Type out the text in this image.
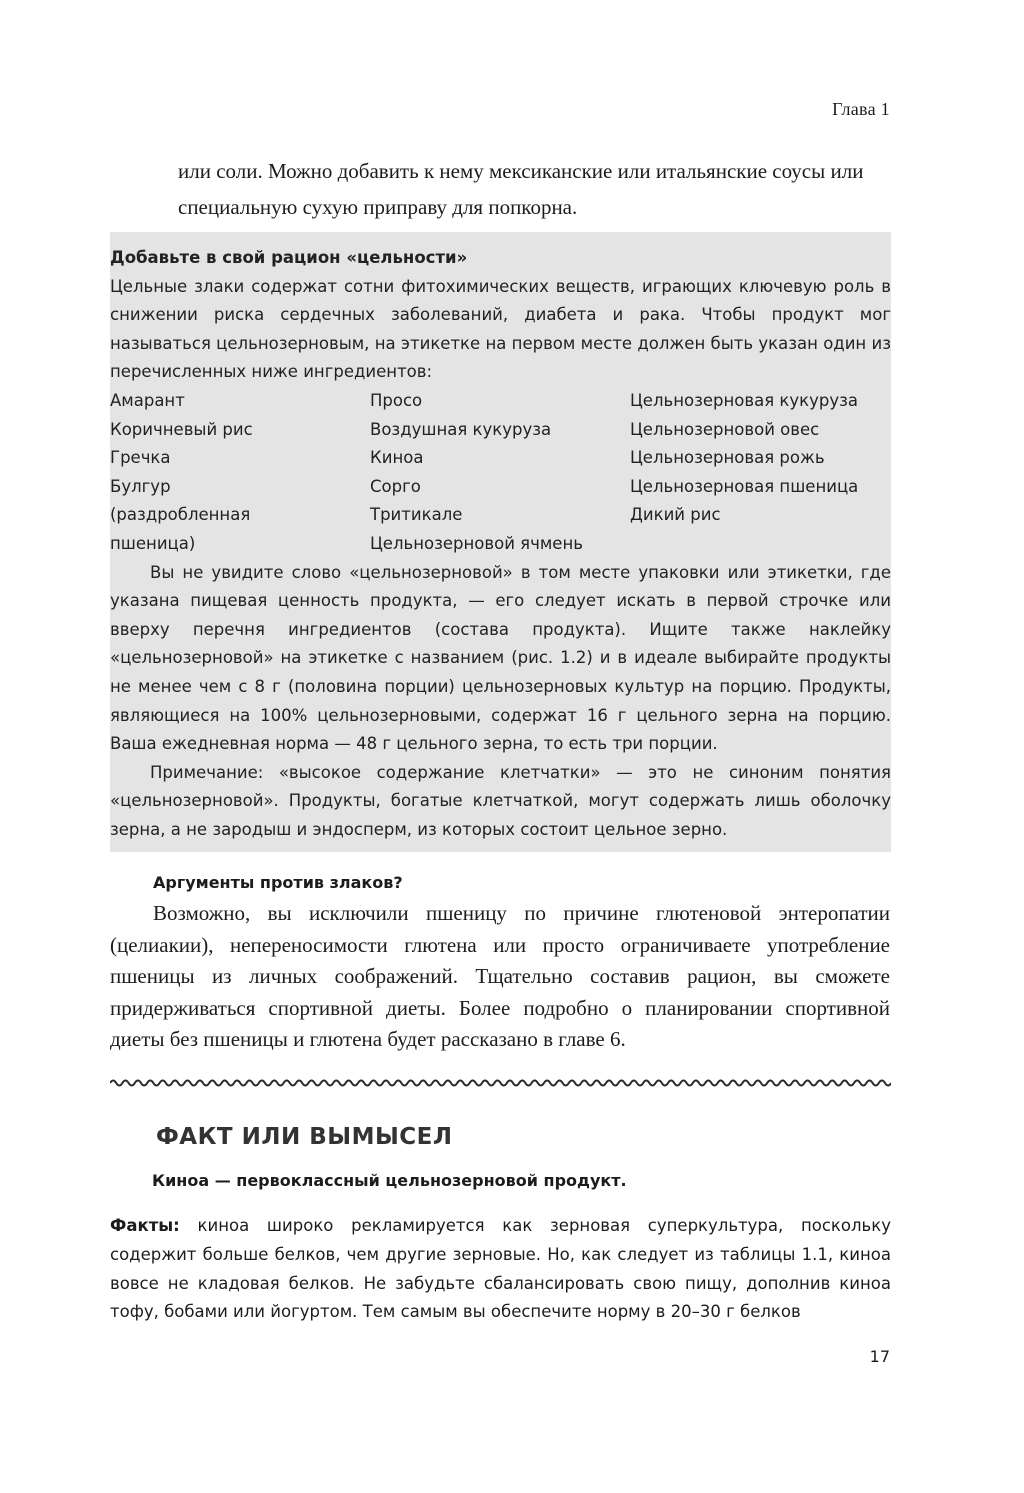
Глава 1

или соли. Можно добавить к нему мексиканские или итальянские соусы или специальную сухую приправу для попкорна.

Добавьте в свой рацион «цельности»

Цельные злаки содержат сотни фитохимических веществ, играющих ключевую роль в снижении риска сердечных заболеваний, диабета и рака. Чтобы продукт мог называться цельнозерновым, на этикетке на первом месте должен быть указан один из перечисленных ниже ингредиентов:

Амарант
Коричневый рис
Гречка
Булгур
(раздробленная
пшеница)
Просо
Воздушная кукуруза
Киноа
Сорго
Тритикале
Цельнозерновой ячмень
Цельнозерновая кукуруза
Цельнозерновой овес
Цельнозерновая рожь
Цельнозерновая пшеница
Дикий рис

Вы не увидите слово «цельнозерновой» в том месте упаковки или этикетки, где указана пищевая ценность продукта, — его следует искать в первой строчке или вверху перечня ингредиентов (состава продукта). Ищите также наклейку «цельнозерновой» на этикетке с названием (рис. 1.2) и в идеале выбирайте продукты не менее чем с 8 г (половина порции) цельнозерновых культур на порцию. Продукты, являющиеся на 100% цельнозерновыми, содержат 16 г цельного зерна на порцию. Ваша ежедневная норма — 48 г цельного зерна, то есть три порции.

Примечание: «высокое содержание клетчатки» — это не синоним понятия «цельнозерновой». Продукты, богатые клетчаткой, могут содержать лишь оболочку зерна, а не зародыш и эндосперм, из которых состоит цельное зерно.

Аргументы против злаков?

Возможно, вы исключили пшеницу по причине глютеновой энтеропатии (целиакии), непереносимости глютена или просто ограничиваете употребление пшеницы из личных соображений. Тщательно составив рацион, вы сможете придерживаться спортивной диеты. Более подробно о планировании спортивной диеты без пшеницы и глютена будет рассказано в главе 6.

ФАКТ ИЛИ ВЫМЫСЕЛ

Киноа — первоклассный цельнозерновой продукт.

Факты: киноа широко рекламируется как зерновая суперкультура, поскольку содержит больше белков, чем другие зерновые. Но, как следует из таблицы 1.1, киноа вовсе не кладовая белков. Не забудьте сбалансировать свою пищу, дополнив киноа тофу, бобами или йогуртом. Тем самым вы обеспечите норму в 20–30 г белков

17
